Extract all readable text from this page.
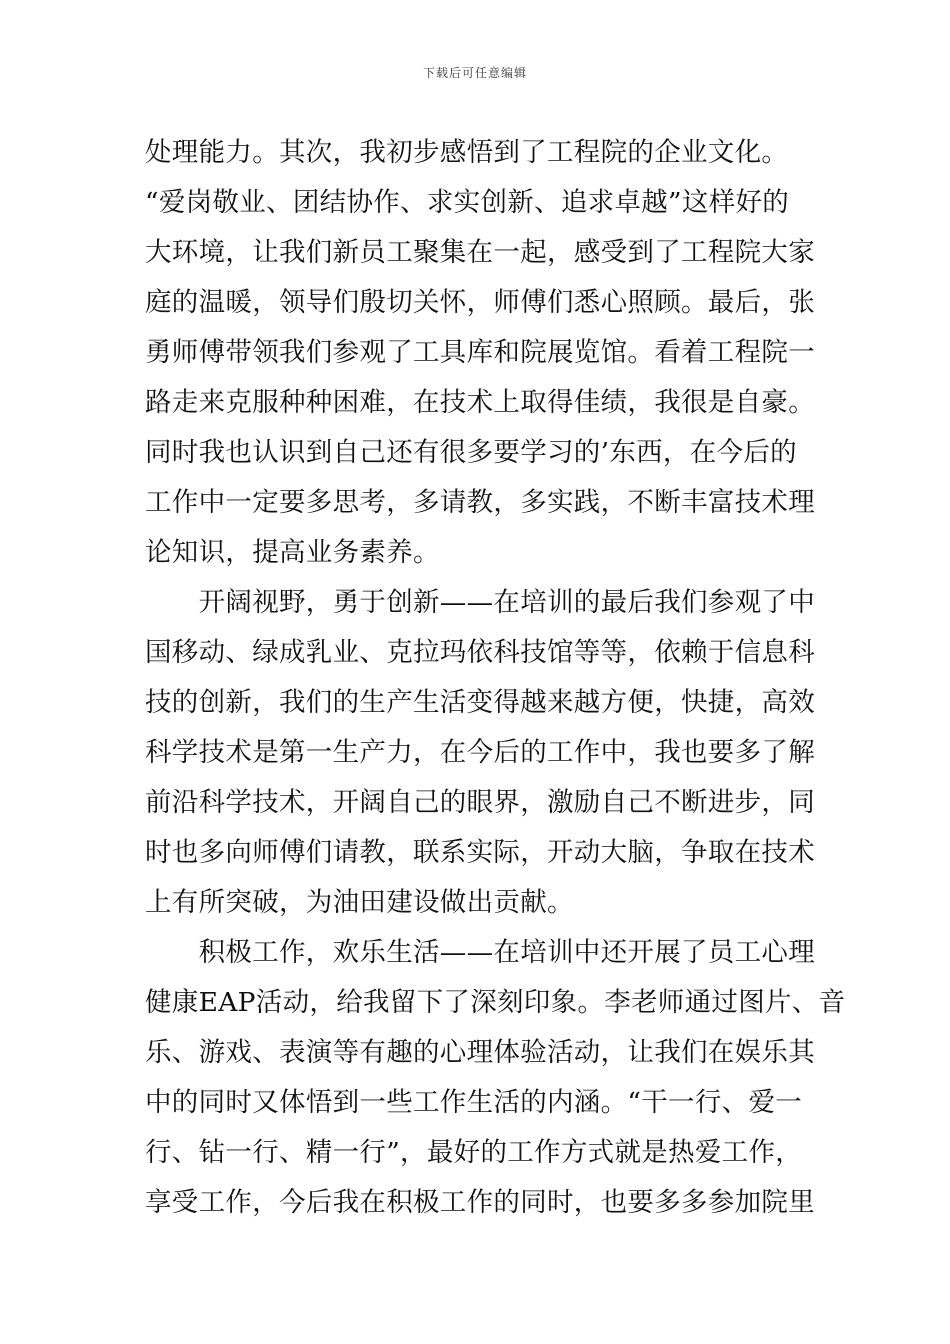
下载后可任意编辑
处理能力。其次，我初步感悟到了工程院的企业文化。
“爱岗敬业、团结协作、求实创新、追求卓越”这样好的
大环境，让我们新员工聚集在一起，感受到了工程院大家
庭的温暖，领导们殷切关怀，师傅们悉心照顾。最后，张
勇师傅带领我们参观了工具库和院展览馆。看着工程院一
路走来克服种种困难，在技术上取得佳绩，我很是自豪。
同时我也认识到自己还有很多要学习的’东西，在今后的
工作中一定要多思考，多请教，多实践，不断丰富技术理
论知识，提高业务素养。
　　开阔视野，勇于创新——在培训的最后我们参观了中
国移动、绿成乳业、克拉玛依科技馆等等，依赖于信息科
技的创新，我们的生产生活变得越来越方便，快捷，高效
科学技术是第一生产力，在今后的工作中，我也要多了解
前沿科学技术，开阔自己的眼界，激励自己不断进步，同
时也多向师傅们请教，联系实际，开动大脑，争取在技术
上有所突破，为油田建设做出贡献。
　　积极工作，欢乐生活——在培训中还开展了员工心理
健康EAP活动，给我留下了深刻印象。李老师通过图片、音
乐、游戏、表演等有趣的心理体验活动，让我们在娱乐其
中的同时又体悟到一些工作生活的内涵。“干一行、爱一
行、钻一行、精一行”，最好的工作方式就是热爱工作，
享受工作，今后我在积极工作的同时，也要多多参加院里
